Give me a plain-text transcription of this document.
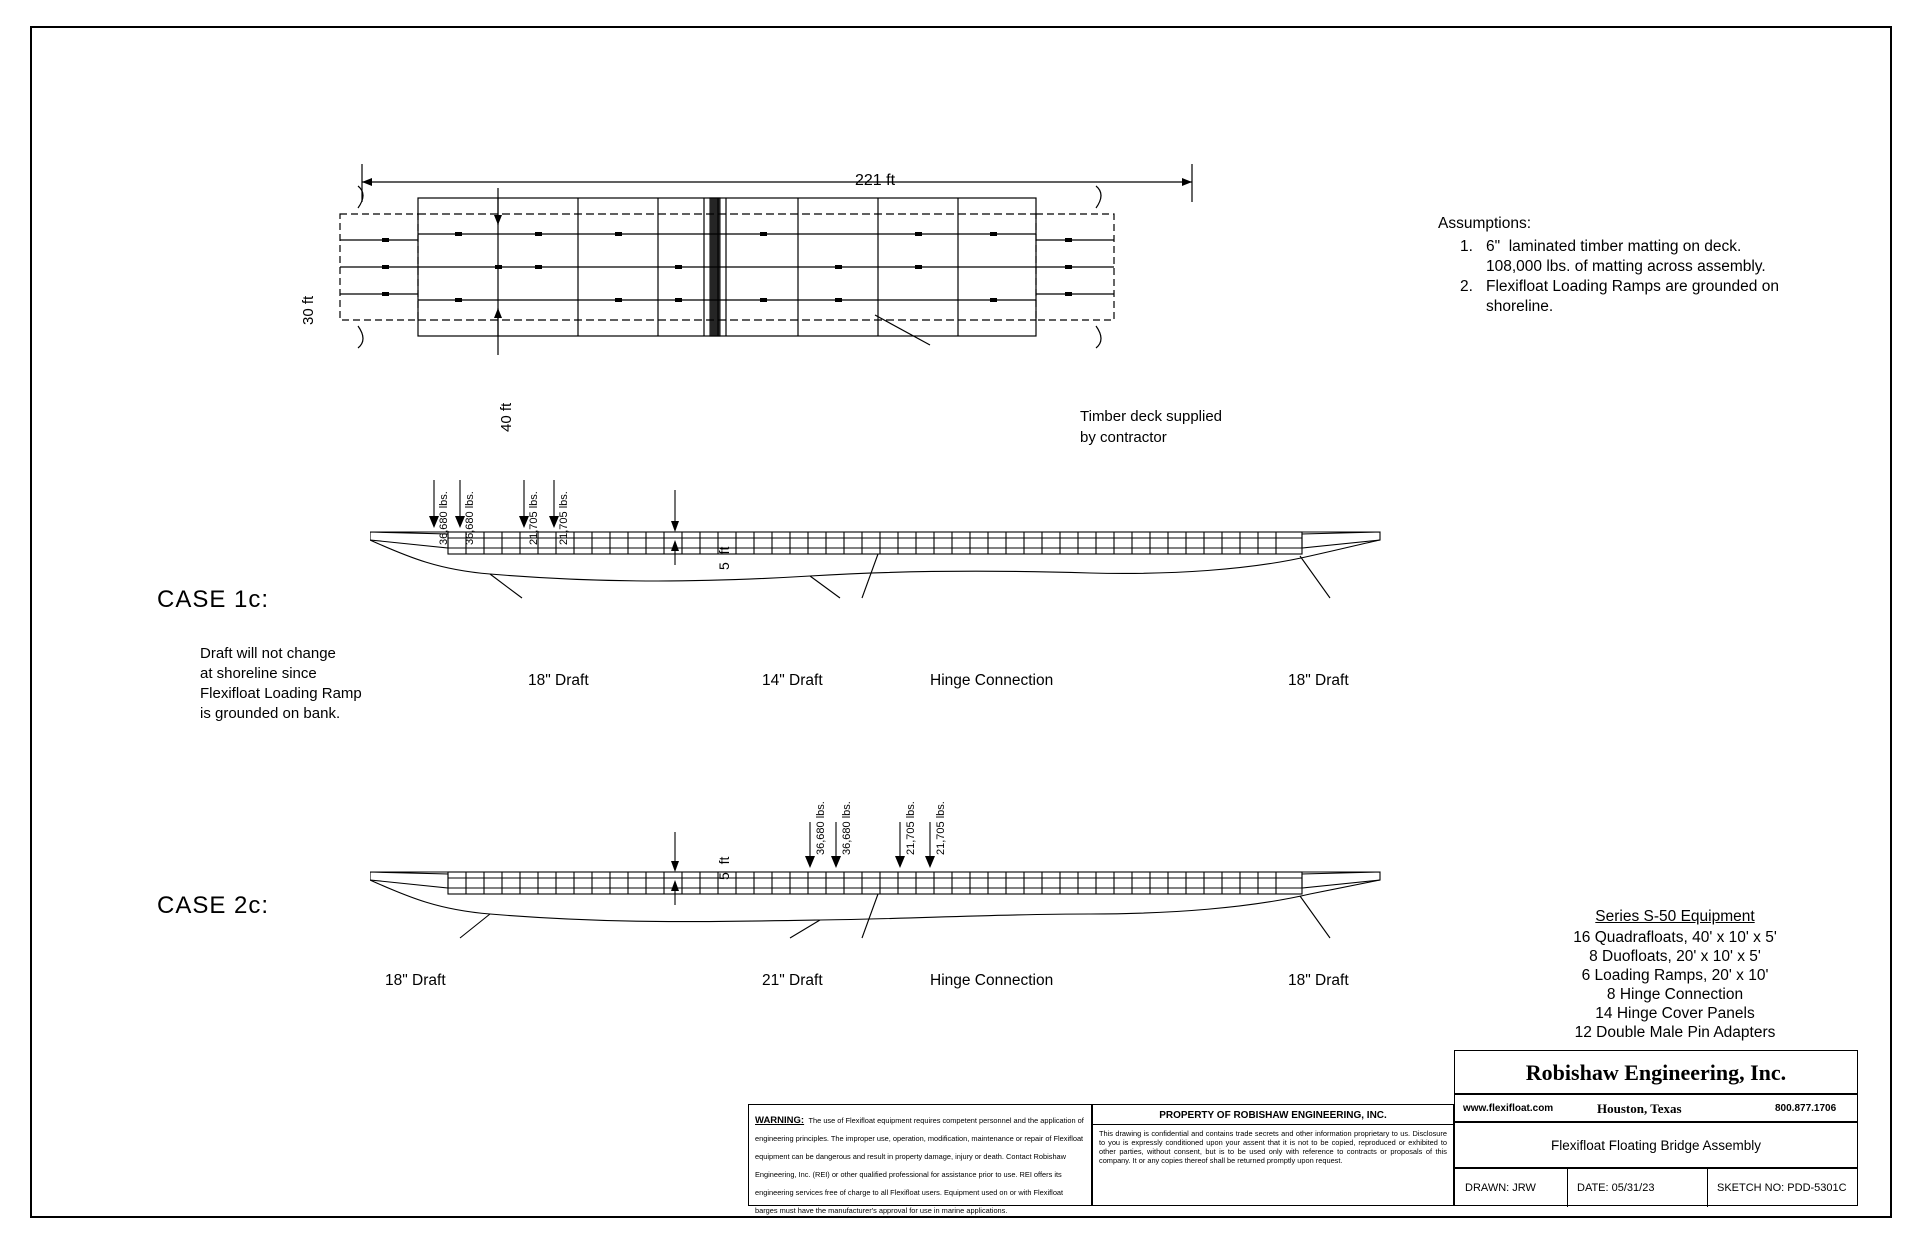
221 ft
30 ft
40 ft	Timber deck supplied
by contractor
Assumptions:
1. 6"  laminated timber matting on deck.
108,000 lbs. of matting across assembly.
2. Flexifloat Loading Ramps are grounded on
shoreline.
CASE 1c:
36,680 lbs. 36,680 lbs.	21,705 lbs. 21,705 lbs.
5  ft
Draft will not change
at shoreline since
Flexifloat Loading Ramp
is grounded on bank.
18" Draft	14" Draft	Hinge Connection	18" Draft
CASE 2c:
36,680 lbs. 36,680 lbs.	21,705 lbs. 21,705 lbs.
5  ft
18" Draft	21" Draft	Hinge Connection	18" Draft
Series S-50 Equipment
16 Quadrafloats, 40' x 10' x 5'
8 Duofloats, 20' x 10' x 5'
6 Loading Ramps, 20' x 10'
8 Hinge Connection
14 Hinge Cover Panels
12 Double Male Pin Adapters
WARNING: The use of Flexifloat equipment requires competent personnel and the application of engineering principles. The improper use, operation, modification, maintenance or repair of Flexifloat equipment can be dangerous and result in property damage, injury or death. Contact Robishaw Engineering, Inc. (REI) or other qualified professional for assistance prior to use. REI offers its engineering services free of charge to all Flexifloat users. Equipment used on or with Flexifloat barges must have the manufacturer's approval for use in marine applications.
PROPERTY OF ROBISHAW ENGINEERING, INC.
This drawing is confidential and contains trade secrets and other information proprietary to us. Disclosure to you is expressly conditioned upon your assent that it is not to be copied, reproduced or exhibited to other parties, without consent, but is to be used only with reference to contracts or proposals of this company. It or any copies thereof shall be returned promptly upon request.
Robishaw Engineering, Inc.
www.flexifloat.com	Houston, Texas	800.877.1706
Flexifloat Floating Bridge Assembly
DRAWN: JRW	DATE: 05/31/23	SKETCH NO: PDD-5301C
